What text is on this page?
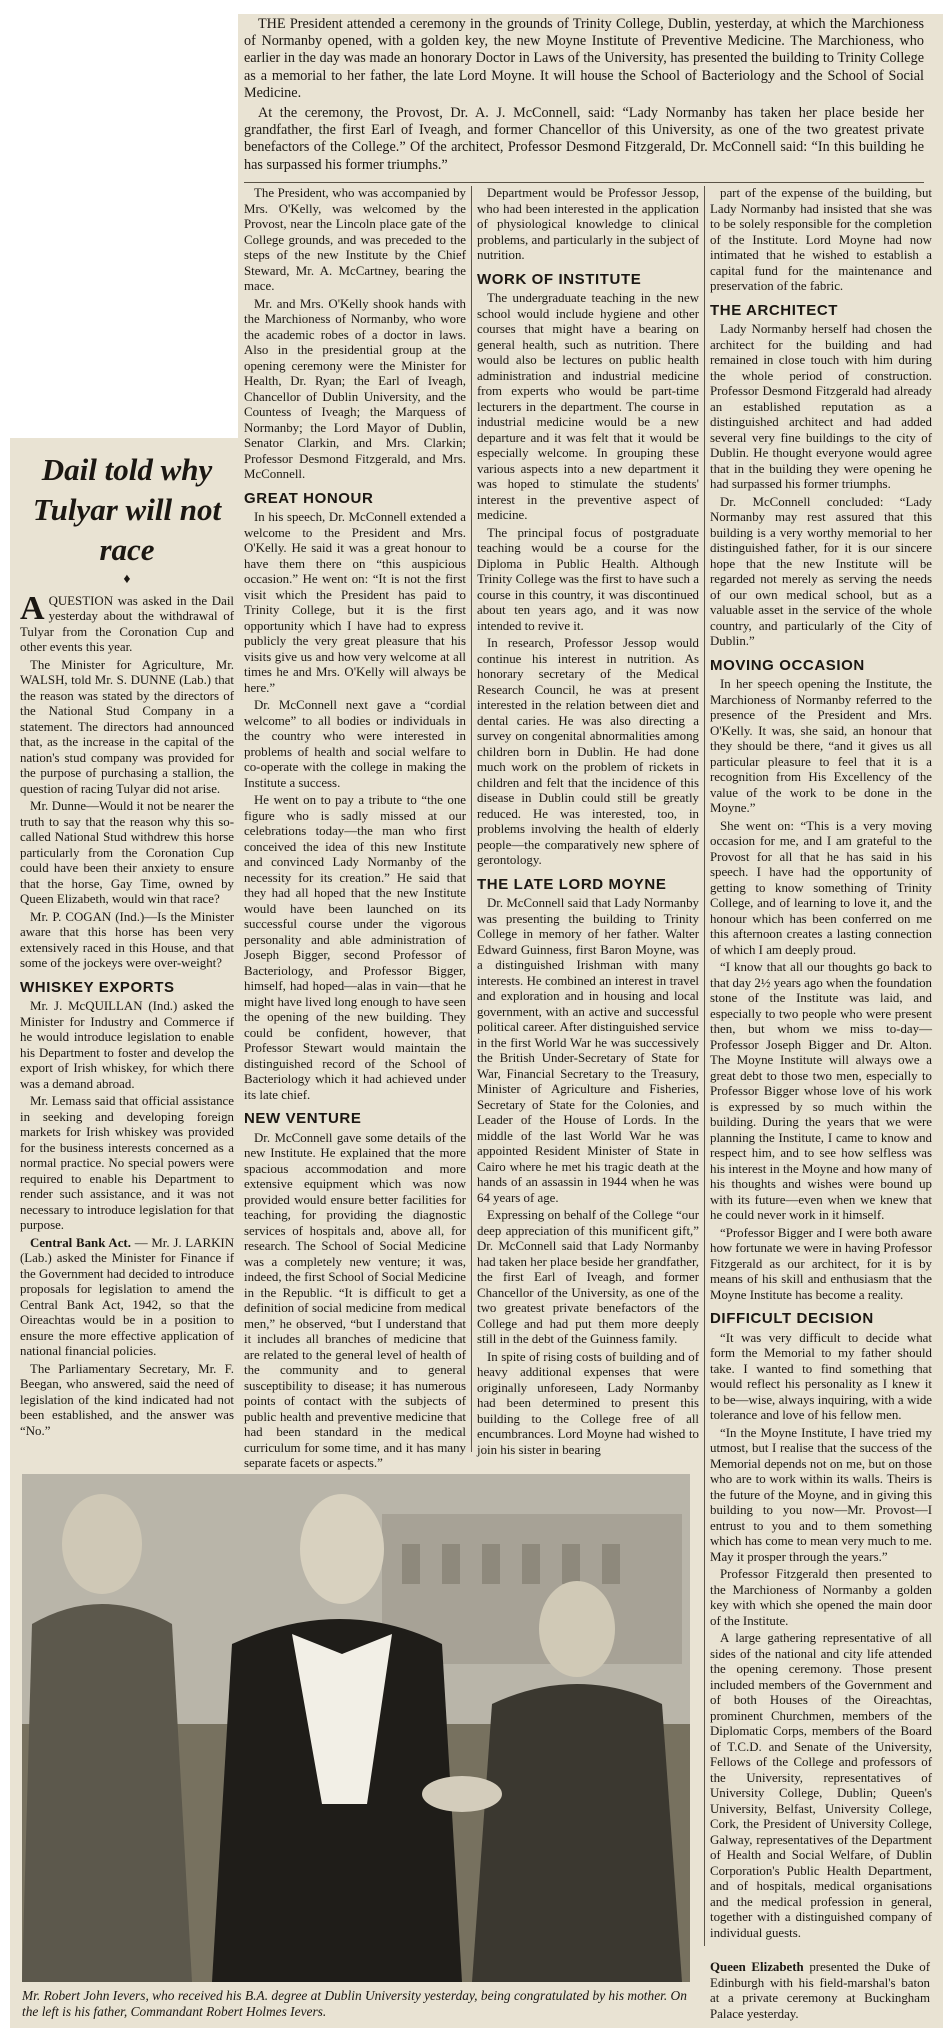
THE President attended a ceremony in the grounds of Trinity College, Dublin, yesterday, at which the Marchioness of Normanby opened, with a golden key, the new Moyne Institute of Preventive Medicine. The Marchioness, who earlier in the day was made an honorary Doctor in Laws of the University, has presented the building to Trinity College as a memorial to her father, the late Lord Moyne. It will house the School of Bacteriology and the School of Social Medicine.

At the ceremony, the Provost, Dr. A. J. McConnell, said: “Lady Normanby has taken her place beside her grandfather, the first Earl of Iveagh, and former Chancellor of this University, as one of the two greatest private benefactors of the College.” Of the architect, Professor Desmond Fitzgerald, Dr. McConnell said: “In this building he has surpassed his former triumphs.”

The President, who was accompanied by Mrs. O'Kelly, was welcomed by the Provost, near the Lincoln place gate of the College grounds, and was preceded to the steps of the new Institute by the Chief Steward, Mr. A. McCartney, bearing the mace.

Mr. and Mrs. O'Kelly shook hands with the Marchioness of Normanby, who wore the academic robes of a doctor in laws. Also in the presidential group at the opening ceremony were the Minister for Health, Dr. Ryan; the Earl of Iveagh, Chancellor of Dublin University, and the Countess of Iveagh; the Marquess of Normanby; the Lord Mayor of Dublin, Senator Clarkin, and Mrs. Clarkin; Professor Desmond Fitzgerald, and Mrs. McConnell.

GREAT HONOUR

In his speech, Dr. McConnell extended a welcome to the President and Mrs. O'Kelly. He said it was a great honour to have them there on “this auspicious occasion.” He went on: “It is not the first visit which the President has paid to Trinity College, but it is the first opportunity which I have had to express publicly the very great pleasure that his visits give us and how very welcome at all times he and Mrs. O'Kelly will always be here.”

Dr. McConnell next gave a “cordial welcome” to all bodies or individuals in the country who were interested in problems of health and social welfare to co-operate with the college in making the Institute a success.

He went on to pay a tribute to “the one figure who is sadly missed at our celebrations today—the man who first conceived the idea of this new Institute and convinced Lady Normanby of the necessity for its creation.” He said that they had all hoped that the new Institute would have been launched on its successful course under the vigorous personality and able administration of Joseph Bigger, second Professor of Bacteriology, and Professor Bigger, himself, had hoped—alas in vain—that he might have lived long enough to have seen the opening of the new building. They could be confident, however, that Professor Stewart would maintain the distinguished record of the School of Bacteriology which it had achieved under its late chief.

NEW VENTURE

Dr. McConnell gave some details of the new Institute. He explained that the more spacious accommodation and more extensive equipment which was now provided would ensure better facilities for teaching, for providing the diagnostic services of hospitals and, above all, for research. The School of Social Medicine was a completely new venture; it was, indeed, the first School of Social Medicine in the Republic. “It is difficult to get a definition of social medicine from medical men,” he observed, “but I understand that it includes all branches of medicine that are related to the general level of health of the community and to general susceptibility to disease; it has numerous points of contact with the subjects of public health and preventive medicine that had been standard in the medical curriculum for some time, and it has many separate facets or aspects.”

Department would be Professor Jessop, who had been interested in the application of physiological knowledge to clinical problems, and particularly in the subject of nutrition.

WORK OF INSTITUTE

The undergraduate teaching in the new school would include hygiene and other courses that might have a bearing on general health, such as nutrition. There would also be lectures on public health administration and industrial medicine from experts who would be part-time lecturers in the department. The course in industrial medicine would be a new departure and it was felt that it would be especially welcome. In grouping these various aspects into a new department it was hoped to stimulate the students' interest in the preventive aspect of medicine.

The principal focus of postgraduate teaching would be a course for the Diploma in Public Health. Although Trinity College was the first to have such a course in this country, it was discontinued about ten years ago, and it was now intended to revive it.

In research, Professor Jessop would continue his interest in nutrition. As honorary secretary of the Medical Research Council, he was at present interested in the relation between diet and dental caries. He was also directing a survey on congenital abnormalities among children born in Dublin. He had done much work on the problem of rickets in children and felt that the incidence of this disease in Dublin could still be greatly reduced. He was interested, too, in problems involving the health of elderly people—the comparatively new sphere of gerontology.

THE LATE LORD MOYNE

Dr. McConnell said that Lady Normanby was presenting the building to Trinity College in memory of her father. Walter Edward Guinness, first Baron Moyne, was a distinguished Irishman with many interests. He combined an interest in travel and exploration and in housing and local government, with an active and successful political career. After distinguished service in the first World War he was successively the British Under-Secretary of State for War, Financial Secretary to the Treasury, Minister of Agriculture and Fisheries, Secretary of State for the Colonies, and Leader of the House of Lords. In the middle of the last World War he was appointed Resident Minister of State in Cairo where he met his tragic death at the hands of an assassin in 1944 when he was 64 years of age.

Expressing on behalf of the College “our deep appreciation of this munificent gift,” Dr. McConnell said that Lady Normanby had taken her place beside her grandfather, the first Earl of Iveagh, and former Chancellor of the University, as one of the two greatest private benefactors of the College and had put them more deeply still in the debt of the Guinness family.

In spite of rising costs of building and of heavy additional expenses that were originally unforeseen, Lady Normanby had been determined to present this building to the College free of all encumbrances. Lord Moyne had wished to join his sister in bearing

part of the expense of the building, but Lady Normanby had insisted that she was to be solely responsible for the completion of the Institute. Lord Moyne had now intimated that he wished to establish a capital fund for the maintenance and preservation of the fabric.

THE ARCHITECT

Lady Normanby herself had chosen the architect for the building and had remained in close touch with him during the whole period of construction. Professor Desmond Fitzgerald had already an established reputation as a distinguished architect and had added several very fine buildings to the city of Dublin. He thought everyone would agree that in the building they were opening he had surpassed his former triumphs.

Dr. McConnell concluded: “Lady Normanby may rest assured that this building is a very worthy memorial to her distinguished father, for it is our sincere hope that the new Institute will be regarded not merely as serving the needs of our own medical school, but as a valuable asset in the service of the whole country, and particularly of the City of Dublin.”

MOVING OCCASION

In her speech opening the Institute, the Marchioness of Normanby referred to the presence of the President and Mrs. O'Kelly. It was, she said, an honour that they should be there, “and it gives us all particular pleasure to feel that it is a recognition from His Excellency of the value of the work to be done in the Moyne.”

She went on: “This is a very moving occasion for me, and I am grateful to the Provost for all that he has said in his speech. I have had the opportunity of getting to know something of Trinity College, and of learning to love it, and the honour which has been conferred on me this afternoon creates a lasting connection of which I am deeply proud.

“I know that all our thoughts go back to that day 2½ years ago when the foundation stone of the Institute was laid, and especially to two people who were present then, but whom we miss to-day—Professor Joseph Bigger and Dr. Alton. The Moyne Institute will always owe a great debt to those two men, especially to Professor Bigger whose love of his work is expressed by so much within the building. During the years that we were planning the Institute, I came to know and respect him, and to see how selfless was his interest in the Moyne and how many of his thoughts and wishes were bound up with its future—even when we knew that he could never work in it himself.

“Professor Bigger and I were both aware how fortunate we were in having Professor Fitzgerald as our architect, for it is by means of his skill and enthusiasm that the Moyne Institute has become a reality.

DIFFICULT DECISION

“It was very difficult to decide what form the Memorial to my father should take. I wanted to find something that would reflect his personality as I knew it to be—wise, always inquiring, with a wide tolerance and love of his fellow men.

“In the Moyne Institute, I have tried my utmost, but I realise that the success of the Memorial depends not on me, but on those who are to work within its walls. Theirs is the future of the Moyne, and in giving this building to you now—Mr. Provost—I entrust to you and to them something which has come to mean very much to me. May it prosper through the years.”

Professor Fitzgerald then presented to the Marchioness of Normanby a golden key with which she opened the main door of the Institute.

A large gathering representative of all sides of the national and city life attended the opening ceremony. Those present included members of the Government and of both Houses of the Oireachtas, prominent Churchmen, members of the Diplomatic Corps, members of the Board of T.C.D. and Senate of the University, Fellows of the College and professors of the University, representatives of University College, Dublin; Queen's University, Belfast, University College, Cork, the President of University College, Galway, representatives of the Department of Health and Social Welfare, of Dublin Corporation's Public Health Department, and of hospitals, medical organisations and the medical profession in general, together with a distinguished company of individual guests.

Dail told why Tulyar will not race
♦

A QUESTION was asked in the Dail yesterday about the withdrawal of Tulyar from the Coronation Cup and other events this year.

The Minister for Agriculture, Mr. WALSH, told Mr. S. DUNNE (Lab.) that the reason was stated by the directors of the National Stud Company in a statement. The directors had announced that, as the increase in the capital of the nation's stud company was provided for the purpose of purchasing a stallion, the question of racing Tulyar did not arise.

Mr. Dunne—Would it not be nearer the truth to say that the reason why this so-called National Stud withdrew this horse particularly from the Coronation Cup could have been their anxiety to ensure that the horse, Gay Time, owned by Queen Elizabeth, would win that race?

Mr. P. COGAN (Ind.)—Is the Minister aware that this horse has been very extensively raced in this House, and that some of the jockeys were over-weight?

WHISKEY EXPORTS

Mr. J. McQUILLAN (Ind.) asked the Minister for Industry and Commerce if he would introduce legislation to enable his Department to foster and develop the export of Irish whiskey, for which there was a demand abroad.

Mr. Lemass said that official assistance in seeking and developing foreign markets for Irish whiskey was provided for the business interests concerned as a normal practice. No special powers were required to enable his Department to render such assistance, and it was not necessary to introduce legislation for that purpose.

Central Bank Act. — Mr. J. LARKIN (Lab.) asked the Minister for Finance if the Government had decided to introduce proposals for legislation to amend the Central Bank Act, 1942, so that the Oireachtas would be in a position to ensure the more effective application of national financial policies.

The Parliamentary Secretary, Mr. F. Beegan, who answered, said the need of legislation of the kind indicated had not been established, and the answer was “No.”

Mr. Robert John Ievers, who received his B.A. degree at Dublin University yesterday, being congratulated by his mother. On the left is his father, Commandant Robert Holmes Ievers.
Queen Elizabeth presented the Duke of Edinburgh with his field-marshal's baton at a private ceremony at Buckingham Palace yesterday.
